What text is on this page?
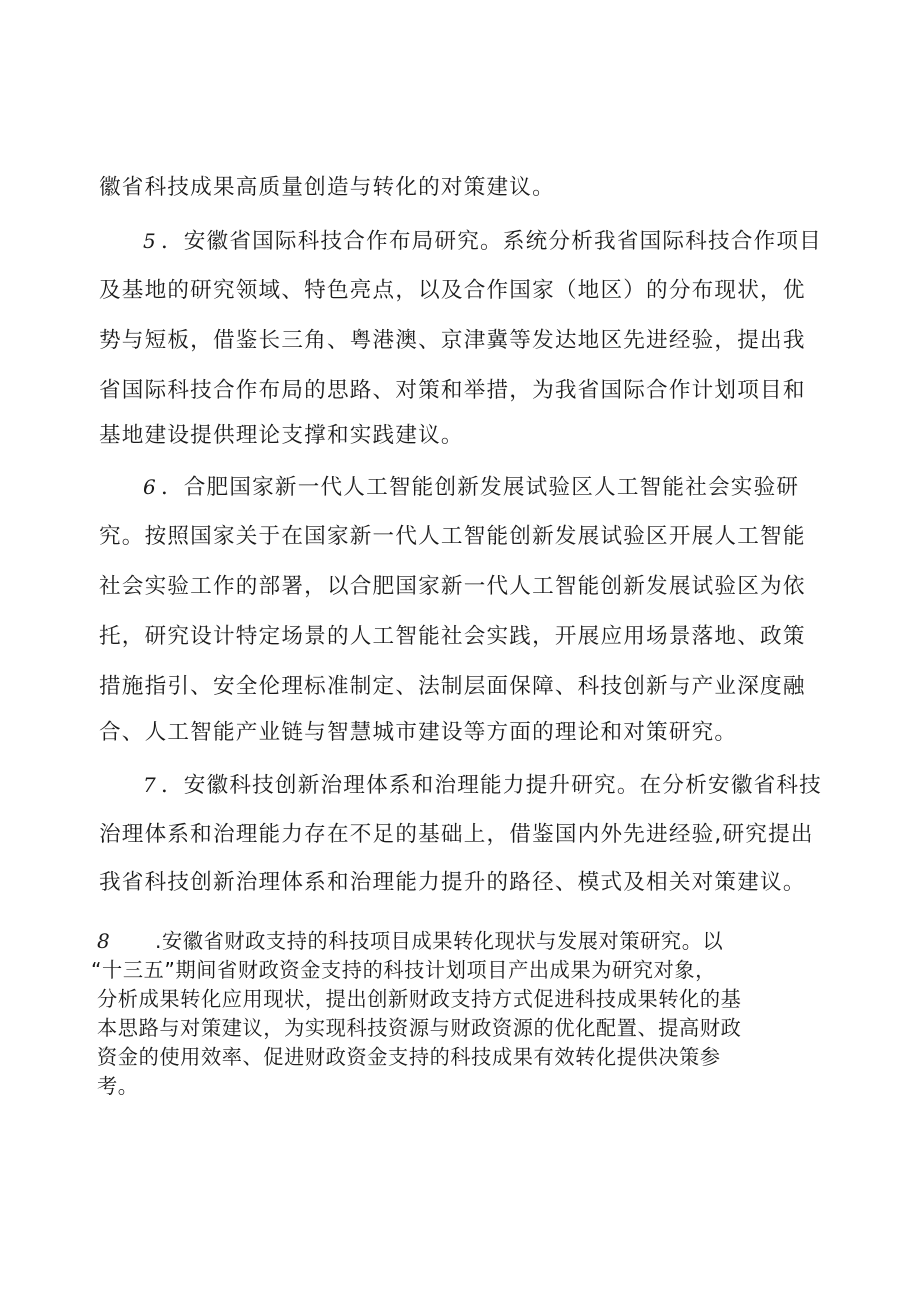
徽省科技成果高质量创造与转化的对策建议。
5 ．安徽省国际科技合作布局研究。系统分析我省国际科技合作项目
及基地的研究领域、特色亮点，以及合作国家（地区）的分布现状，优
势与短板，借鉴长三角、粤港澳、京津冀等发达地区先进经验，提出我
省国际科技合作布局的思路、对策和举措，为我省国际合作计划项目和
基地建设提供理论支撑和实践建议。
6 ．合肥国家新一代人工智能创新发展试验区人工智能社会实验研
究。按照国家关于在国家新一代人工智能创新发展试验区开展人工智能
社会实验工作的部署，以合肥国家新一代人工智能创新发展试验区为依
托，研究设计特定场景的人工智能社会实践，开展应用场景落地、政策
措施指引、安全伦理标准制定、法制层面保障、科技创新与产业深度融
合、人工智能产业链与智慧城市建设等方面的理论和对策研究。
7 ．安徽科技创新治理体系和治理能力提升研究。在分析安徽省科技
治理体系和治理能力存在不足的基础上，借鉴国内外先进经验,研究提出
我省科技创新治理体系和治理能力提升的路径、模式及相关对策建议。
8 .安徽省财政支持的科技项目成果转化现状与发展对策研究。以
“十三五”期间省财政资金支持的科技计划项目产出成果为研究对象，
分析成果转化应用现状，提出创新财政支持方式促进科技成果转化的基
本思路与对策建议，为实现科技资源与财政资源的优化配置、提高财政
资金的使用效率、促进财政资金支持的科技成果有效转化提供决策参
考。
